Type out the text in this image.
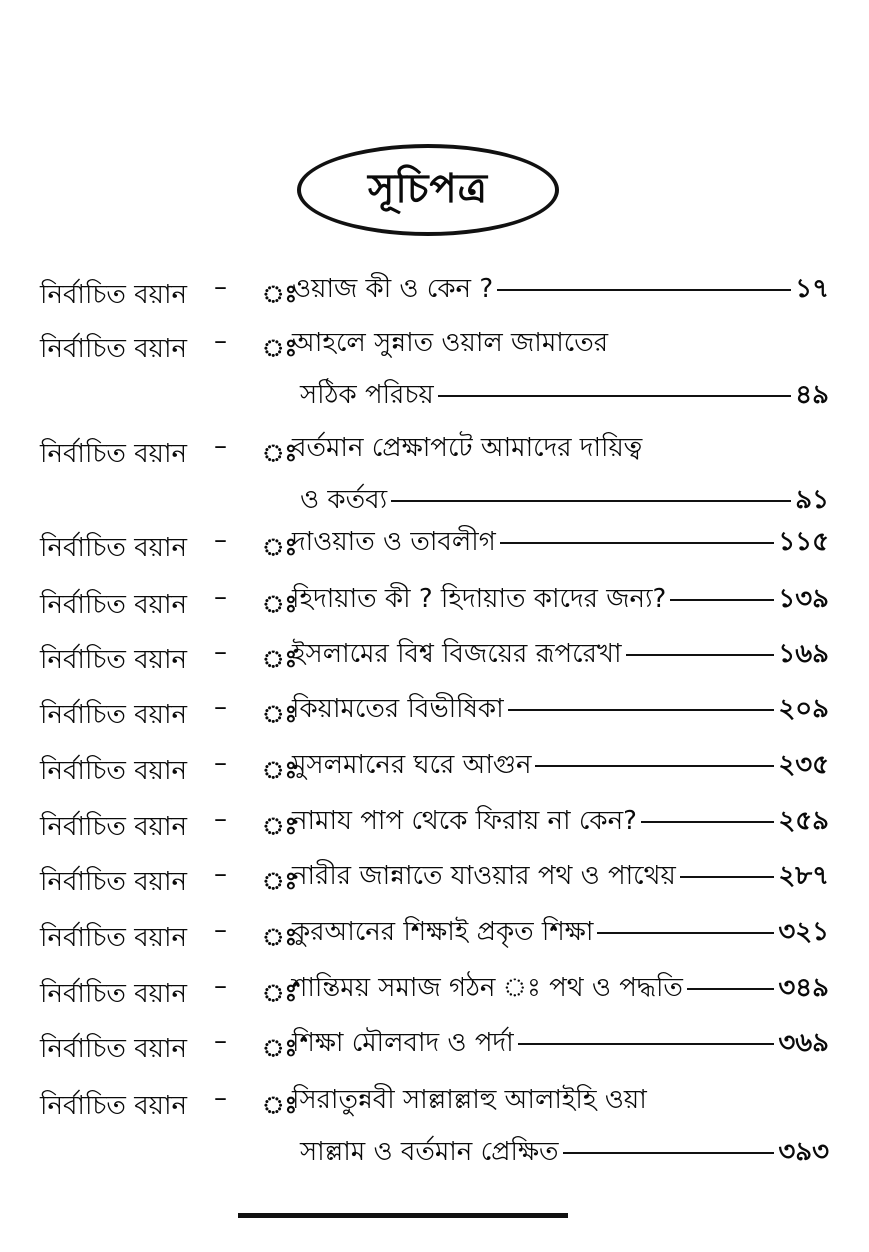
সূচিপত্র
নির্বাচিত বয়ান – ঃ
ওয়াজ কী ও কেন ?	১৭
নির্বাচিত বয়ান – ঃ
আহলে সুন্নাত ওয়াল জামাতের
সঠিক পরিচয়	৪৯
নির্বাচিত বয়ান – ঃ
বর্তমান প্রেক্ষাপটে আমাদের দায়িত্ব
ও কর্তব্য	৯১
নির্বাচিত বয়ান – ঃ
দাওয়াত ও তাবলীগ	১১৫
নির্বাচিত বয়ান – ঃ
হিদায়াত কী ? হিদায়াত কাদের জন্য?	১৩৯
নির্বাচিত বয়ান – ঃ
ইসলামের বিশ্ব বিজয়ের রূপরেখা	১৬৯
নির্বাচিত বয়ান – ঃ
কিয়ামতের বিভীষিকা	২০৯
নির্বাচিত বয়ান – ঃ
মুসলমানের ঘরে আগুন	২৩৫
নির্বাচিত বয়ান – ঃ
নামায পাপ থেকে ফিরায় না কেন?	২৫৯
নির্বাচিত বয়ান – ঃ
নারীর জান্নাতে যাওয়ার পথ ও পাথেয়	২৮৭
নির্বাচিত বয়ান – ঃ
কুরআনের শিক্ষাই প্রকৃত শিক্ষা	৩২১
নির্বাচিত বয়ান – ঃ
শান্তিময় সমাজ গঠন ঃ পথ ও পদ্ধতি	৩৪৯
নির্বাচিত বয়ান – ঃ
শিক্ষা মৌলবাদ ও পর্দা	৩৬৯
নির্বাচিত বয়ান – ঃ
সিরাতুন্নবী সাল্লাল্লাহু আলাইহি ওয়া
সাল্লাম ও বর্তমান প্রেক্ষিত	৩৯৩
